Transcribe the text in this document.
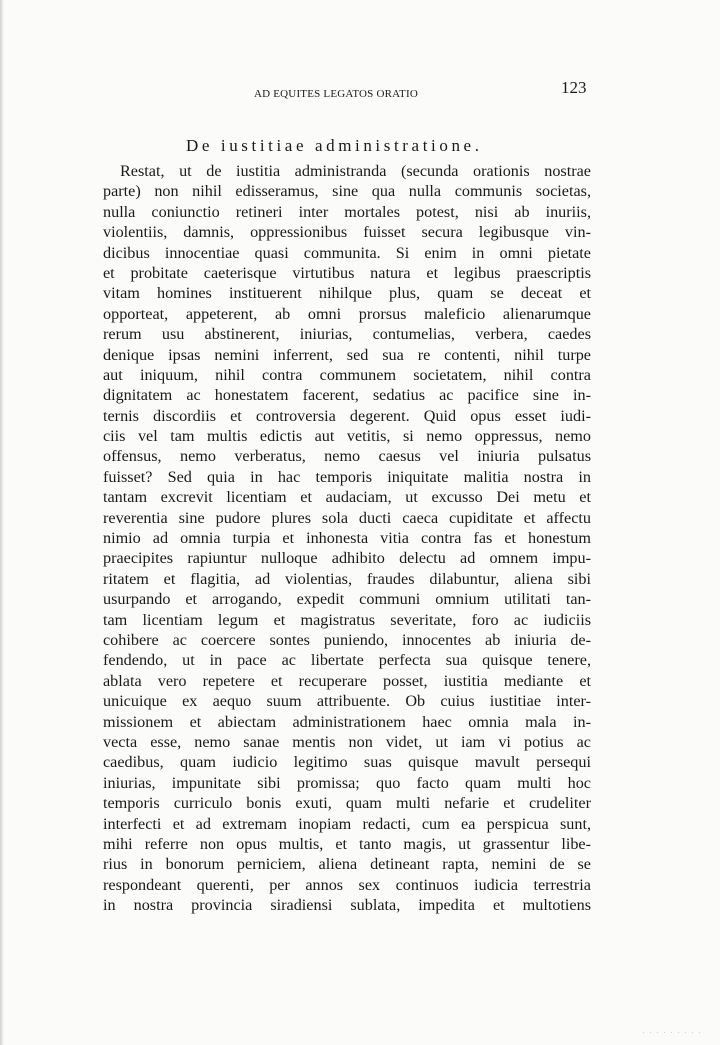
AD EQUITES LEGATOS ORATIO	123
De iustitiae administratione.
Restat, ut de iustitia administranda (secunda orationis nostrae
parte) non nihil edisseramus, sine qua nulla communis societas,
nulla coniunctio retineri inter mortales potest, nisi ab inuriis,
violentiis, damnis, oppressionibus fuisset secura legibusque vin-
dicibus innocentiae quasi communita. Si enim in omni pietate
et probitate caeterisque virtutibus natura et legibus praescriptis
vitam homines instituerent nihilque plus, quam se deceat et
opporteat, appeterent, ab omni prorsus maleficio alienarumque
rerum usu abstinerent, iniurias, contumelias, verbera, caedes
denique ipsas nemini inferrent, sed sua re contenti, nihil turpe
aut iniquum, nihil contra communem societatem, nihil contra
dignitatem ac honestatem facerent, sedatius ac pacifice sine in-
ternis discordiis et controversia degerent. Quid opus esset iudi-
ciis vel tam multis edictis aut vetitis, si nemo oppressus, nemo
offensus, nemo verberatus, nemo caesus vel iniuria pulsatus
fuisset? Sed quia in hac temporis iniquitate malitia nostra in
tantam excrevit licentiam et audaciam, ut excusso Dei metu et
reverentia sine pudore plures sola ducti caeca cupiditate et affectu
nimio ad omnia turpia et inhonesta vitia contra fas et honestum
praecipites rapiuntur nulloque adhibito delectu ad omnem impu-
ritatem et flagitia, ad violentias, fraudes dilabuntur, aliena sibi
usurpando et arrogando, expedit communi omnium utilitati tan-
tam licentiam legum et magistratus severitate, foro ac iudiciis
cohibere ac coercere sontes puniendo, innocentes ab iniuria de-
fendendo, ut in pace ac libertate perfecta sua quisque tenere,
ablata vero repetere et recuperare posset, iustitia mediante et
unicuique ex aequo suum attribuente. Ob cuius iustitiae inter-
missionem et abiectam administrationem haec omnia mala in-
vecta esse, nemo sanae mentis non videt, ut iam vi potius ac
caedibus, quam iudicio legitimo suas quisque mavult persequi
iniurias, impunitate sibi promissa; quo facto quam multi hoc
temporis curriculo bonis exuti, quam multi nefarie et crudeliter
interfecti et ad extremam inopiam redacti, cum ea perspicua sunt,
mihi referre non opus multis, et tanto magis, ut grassentur libe-
rius in bonorum perniciem, aliena detineant rapta, nemini de se
respondeant querenti, per annos sex continuos iudicia terrestria
in nostra provincia siradiensi sublata, impedita et multotiens
